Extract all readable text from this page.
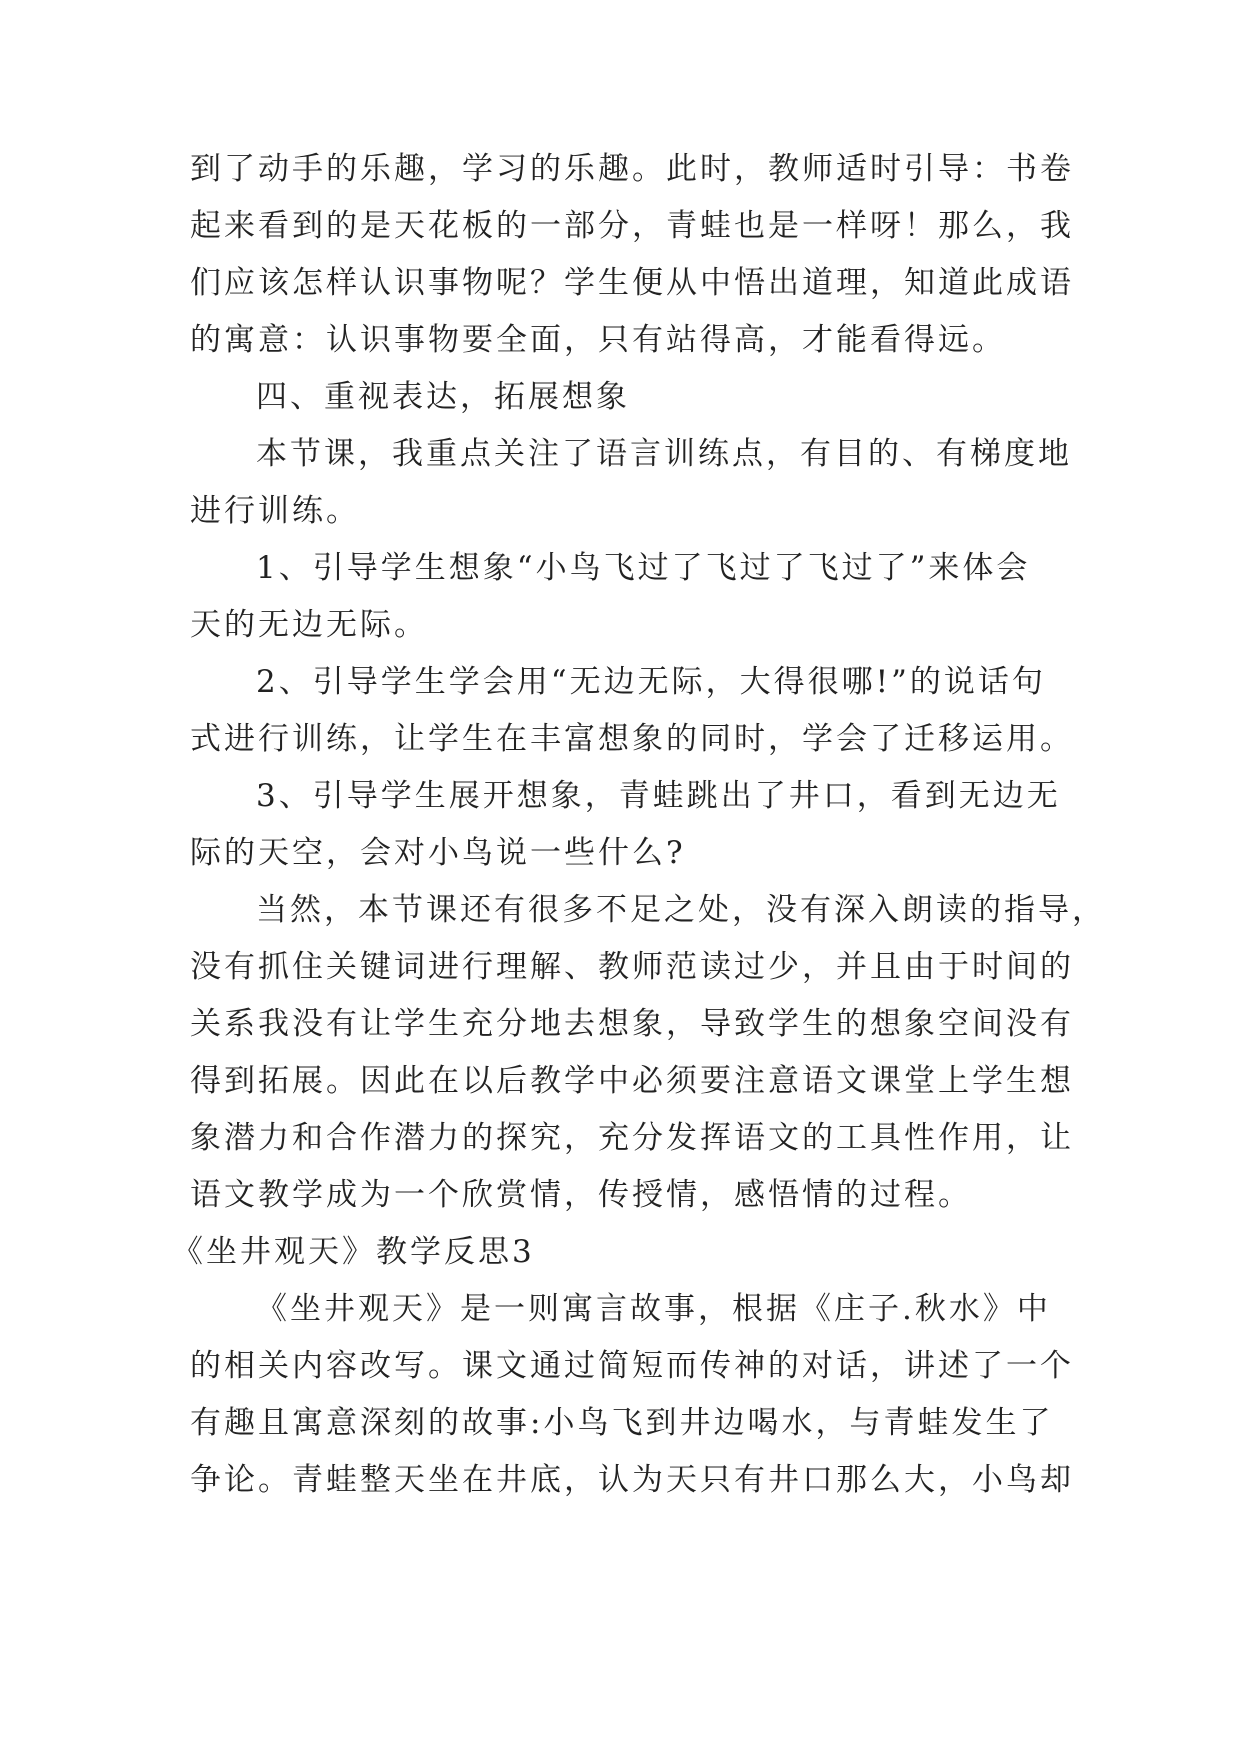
到了动手的乐趣，学习的乐趣。此时，教师适时引导：书卷
起来看到的是天花板的一部分，青蛙也是一样呀！那么，我
们应该怎样认识事物呢？学生便从中悟出道理，知道此成语
的寓意：认识事物要全面，只有站得高，才能看得远。
四、重视表达，拓展想象
本节课，我重点关注了语言训练点，有目的、有梯度地
进行训练。
1、引导学生想象“小鸟飞过了飞过了飞过了”来体会
天的无边无际。
2、引导学生学会用“无边无际，大得很哪!”的说话句
式进行训练，让学生在丰富想象的同时，学会了迁移运用。
3、引导学生展开想象，青蛙跳出了井口，看到无边无
际的天空，会对小鸟说一些什么?
当然，本节课还有很多不足之处，没有深入朗读的指导，
没有抓住关键词进行理解、教师范读过少，并且由于时间的
关系我没有让学生充分地去想象，导致学生的想象空间没有
得到拓展。因此在以后教学中必须要注意语文课堂上学生想
象潜力和合作潜力的探究，充分发挥语文的工具性作用，让
语文教学成为一个欣赏情，传授情，感悟情的过程。
《坐井观天》教学反思3
《坐井观天》是一则寓言故事，根据《庄子.秋水》中
的相关内容改写。课文通过简短而传神的对话，讲述了一个
有趣且寓意深刻的故事:小鸟飞到井边喝水，与青蛙发生了
争论。青蛙整天坐在井底，认为天只有井口那么大，小鸟却
